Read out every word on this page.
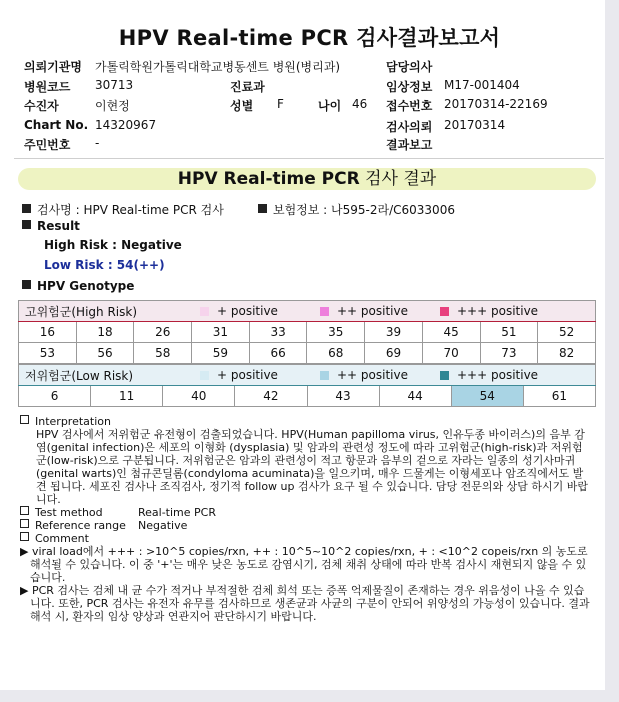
HPV Real-time PCR 검사결과보고서
의뢰기관명 가톨릭학원가톨릭대학교병동센트 병원(병리과)	담당의사
병원코드 30713	진료과	임상정보 M17-001404
수진자	이현정	성별 F	나이 46 접수번호 20170314-22169
Chart No. 14320967	검사의뢰 20170314
주민번호 -	결과보고
HPV Real-time PCR 검사 결과
검사명 : HPV Real-time PCR 검사	보험정보 : 나595-2라/C6033006
Result
High Risk : Negative
Low Risk : 54(++)
HPV Genotype
고위험군(High Risk) + positive ++ positive +++ positive									

16	18	26	31	33	35	39	45	51	52
53	56	58	59	66	68	69	70	73	82
저위험군(Low Risk)	+ positive	++ positive	+++ positive

6	11	40	42	43	44	54	61

Interpretation

HPV 검사에서 저위험군 유전형이 검출되었습니다. HPV(Human papilloma virus, 인유두종 바이러스)의 음부 감염(genital infection)은 세포의 이형화 (dysplasia) 및 암과의 관련성 정도에 따라 고위험군(high-risk)과 저위험군(low-risk)으로 구분됩니다. 저위험군은 암과의 관련성이 적고 항문과 음부의 겉으로 자라는 일종의 성기사마귀(genital warts)인 첨규콘딜롬(condyloma acuminata)을 일으키며, 매우 드물게는 이형세포나 암조직에서도 발견 됩니다. 세포진 검사나 조직검사, 정기적 follow up 검사가 요구 될 수 있습니다. 담당 전문의와 상담 하시기 바랍니다.

Test method	Real-time PCR
Reference range	Negative

Comment

▶ viral load에서 +++ : >10^5 copies/rxn, ++ : 10^5~10^2 copies/rxn, + : <10^2 copeis/rxn 의 농도로 해석될 수 있습니다. 이 중 '+'는 매우 낮은 농도로 감염시기, 검체 채취 상태에 따라 반복 검사시 재현되지 않을 수 있습니다.

▶ PCR 검사는 검체 내 균 수가 적거나 부적절한 검체 희석 또는 증폭 억제물질이 존재하는 경우 위음성이 나올 수 있습니다. 또한, PCR 검사는 유전자 유무를 검사하므로 생존균과 사균의 구분이 안되어 위양성의 가능성이 있습니다. 결과 해석 시, 환자의 임상 양상과 연관지어 판단하시기 바랍니다.
